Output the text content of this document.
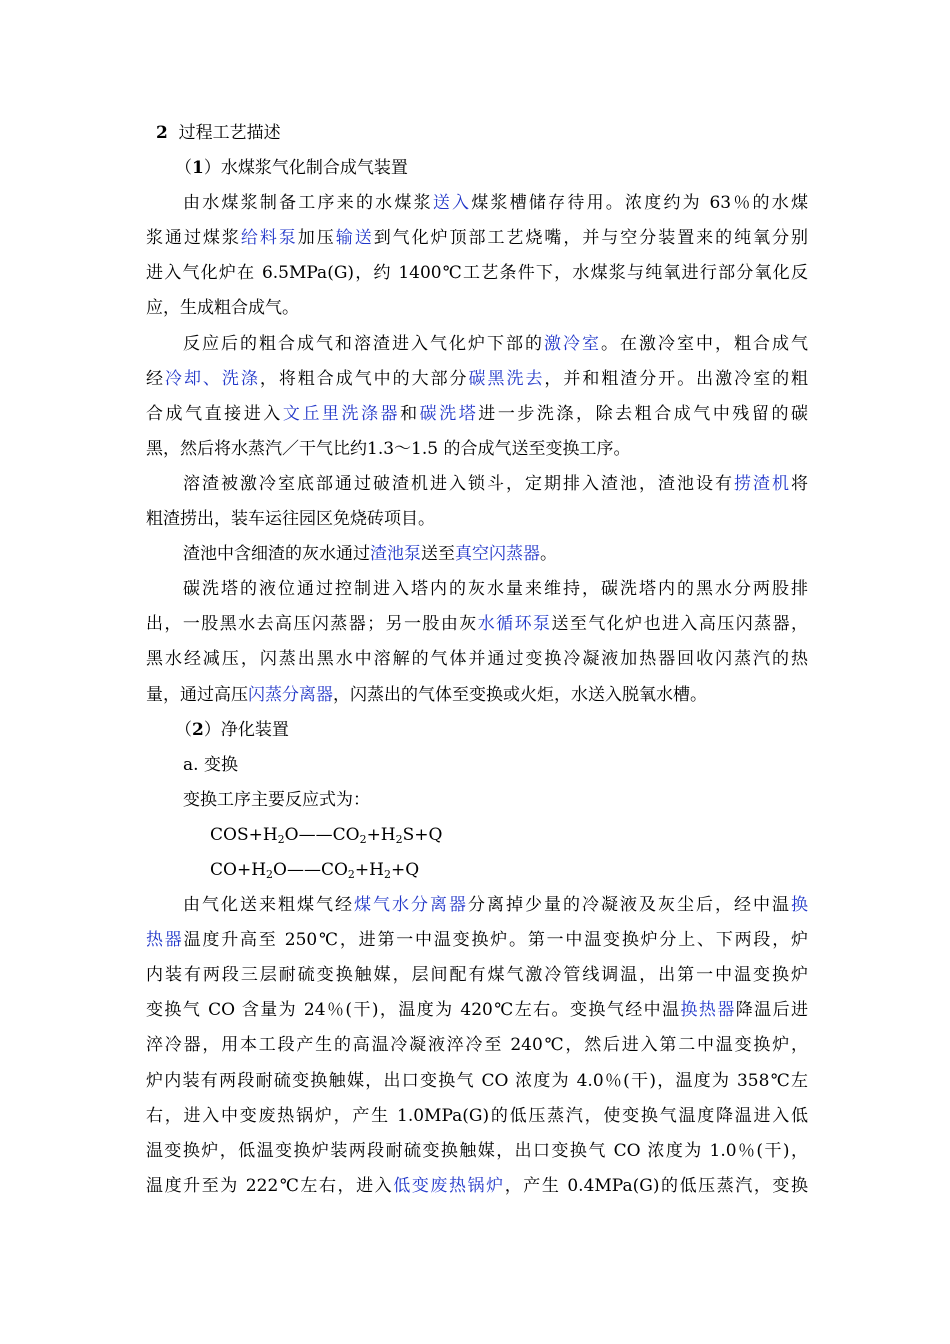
2 过程工艺描述
（1）水煤浆气化制合成气装置
由水煤浆制备工序来的水煤浆送入煤浆槽储存待用。浓度约为 63％的水煤
浆通过煤浆给料泵加压输送到气化炉顶部工艺烧嘴，并与空分装置来的纯氧分别
进入气化炉在 6.5MPa(G)，约 1400℃工艺条件下，水煤浆与纯氧进行部分氧化反
应，生成粗合成气。
反应后的粗合成气和溶渣进入气化炉下部的激冷室。在激冷室中，粗合成气
经冷却、洗涤，将粗合成气中的大部分碳黑洗去，并和粗渣分开。出激冷室的粗
合成气直接进入文丘里洗涤器和碳洗塔进一步洗涤，除去粗合成气中残留的碳
黑，然后将水蒸汽／干气比约1.3～1.5 的合成气送至变换工序。
溶渣被激冷室底部通过破渣机进入锁斗，定期排入渣池，渣池设有捞渣机将
粗渣捞出，装车运往园区免烧砖项目。
渣池中含细渣的灰水通过渣池泵送至真空闪蒸器。
碳洗塔的液位通过控制进入塔内的灰水量来维持，碳洗塔内的黑水分两股排
出，一股黑水去高压闪蒸器；另一股由灰水循环泵送至气化炉也进入高压闪蒸器，
黑水经减压，闪蒸出黑水中溶解的气体并通过变换冷凝液加热器回收闪蒸汽的热
量，通过高压闪蒸分离器，闪蒸出的气体至变换或火炬，水送入脱氧水槽。
（2）净化装置
a. 变换
变换工序主要反应式为：
$COS+H_2O——CO_2+H_2S+Q$
$CO+H_2O——CO_2+H_2+Q$
由气化送来粗煤气经煤气水分离器分离掉少量的冷凝液及灰尘后，经中温换
热器温度升高至 250℃，进第一中温变换炉。第一中温变换炉分上、下两段，炉
内装有两段三层耐硫变换触媒，层间配有煤气激冷管线调温，出第一中温变换炉
变换气 CO 含量为 24％(干)，温度为 420℃左右。变换气经中温换热器降温后进
淬冷器，用本工段产生的高温冷凝液淬冷至 240℃，然后进入第二中温变换炉，
炉内装有两段耐硫变换触媒，出口变换气 CO 浓度为 4.0％(干)，温度为 358℃左
右，进入中变废热锅炉，产生 1.0MPa(G)的低压蒸汽，使变换气温度降温进入低
温变换炉，低温变换炉装两段耐硫变换触媒，出口变换气 CO 浓度为 1.0％(干)，
温度升至为 222℃左右，进入低变废热锅炉，产生 0.4MPa(G)的低压蒸汽，变换
